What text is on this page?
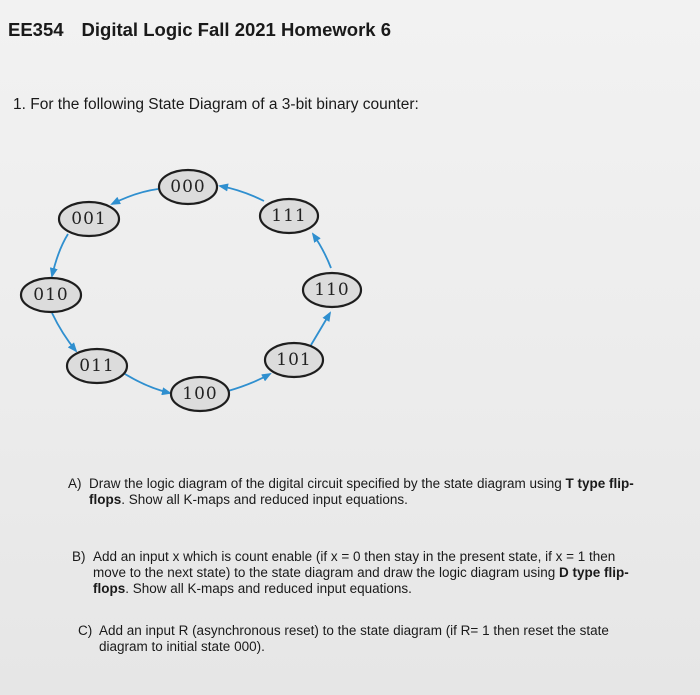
EE354 Digital Logic Fall 2021 Homework 6
1. For the following State Diagram of a 3-bit binary counter:
000
001
010
011
100
101
110
111
A) Draw the logic diagram of the digital circuit specified by the state diagram using T type flip-
flops. Show all K-maps and reduced input equations.
B) Add an input x which is count enable (if x = 0 then stay in the present state, if x = 1 then
move to the next state) to the state diagram and draw the logic diagram using D type flip-
flops. Show all K-maps and reduced input equations.
C) Add an input R (asynchronous reset) to the state diagram (if R= 1 then reset the state
diagram to initial state 000).
